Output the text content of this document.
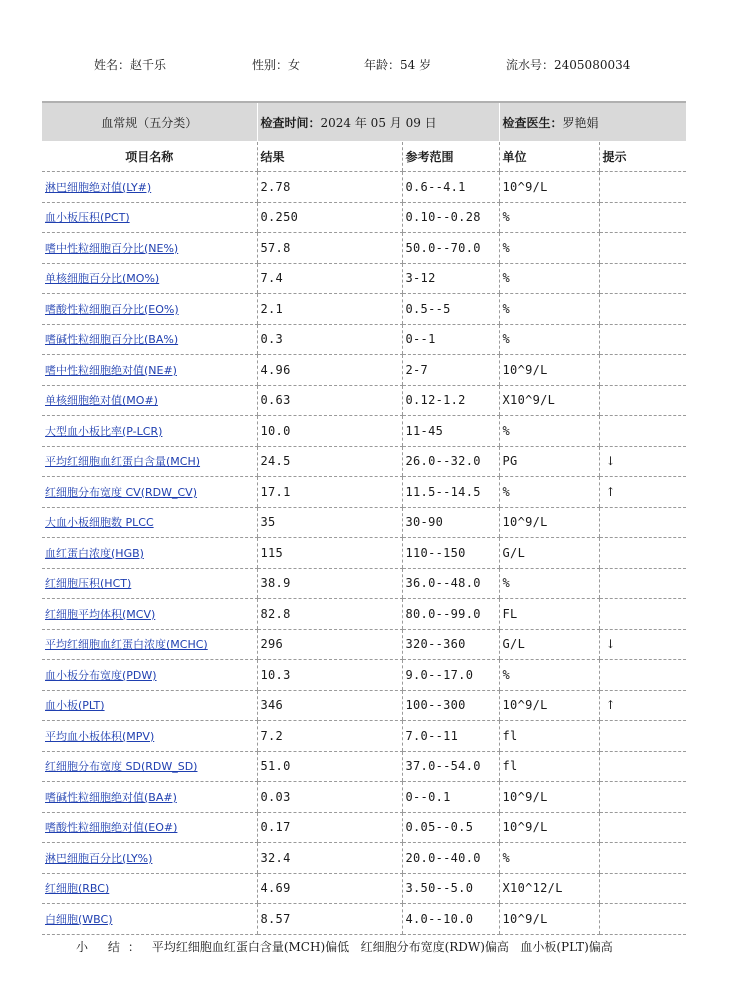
姓名：赵千乐	性别：女	年龄：54 岁	流水号：2405080034
血常规（五分类）	检查时间：2024 年 05 月 09 日		检查医生：罗艳娟	
项目名称	结果	参考范围	单位	提示
淋巴细胞绝对值(LY#)	2.78	0.6--4.1	10^9/L	
血小板压积(PCT)	0.250	0.10--0.28	%	
嗜中性粒细胞百分比(NE%)	57.8	50.0--70.0	%	
单核细胞百分比(MO%)	7.4	3-12	%	
嗜酸性粒细胞百分比(EO%)	2.1	0.5--5	%	
嗜碱性粒细胞百分比(BA%)	0.3	0--1	%	
嗜中性粒细胞绝对值(NE#)	4.96	2-7	10^9/L	
单核细胞绝对值(MO#)	0.63	0.12-1.2	X10^9/L	
大型血小板比率(P-LCR)	10.0	11-45	%	
平均红细胞血红蛋白含量(MCH)	24.5	26.0--32.0	PG	↓
红细胞分布宽度 CV(RDW_CV)	17.1	11.5--14.5	%	↑
大血小板细胞数 PLCC	35	30-90	10^9/L	
血红蛋白浓度(HGB)	115	110--150	G/L	
红细胞压积(HCT)	38.9	36.0--48.0	%	
红细胞平均体积(MCV)	82.8	80.0--99.0	FL	
平均红细胞血红蛋白浓度(MCHC)	296	320--360	G/L	↓
血小板分布宽度(PDW)	10.3	9.0--17.0	%	
血小板(PLT)	346	100--300	10^9/L	↑
平均血小板体积(MPV)	7.2	7.0--11	fl	
红细胞分布宽度 SD(RDW_SD)	51.0	37.0--54.0	fl	
嗜碱性粒细胞绝对值(BA#)	0.03	0--0.1	10^9/L	
嗜酸性粒细胞绝对值(EO#)	0.17	0.05--0.5	10^9/L	
淋巴细胞百分比(LY%)	32.4	20.0--40.0	%	
红细胞(RBC)	4.69	3.50--5.0	X10^12/L	
白细胞(WBC)	8.57	4.0--10.0	10^9/L	
小 结： 平均红细胞血红蛋白含量(MCH)偏低   红细胞分布宽度(RDW)偏高   血小板(PLT)偏高
